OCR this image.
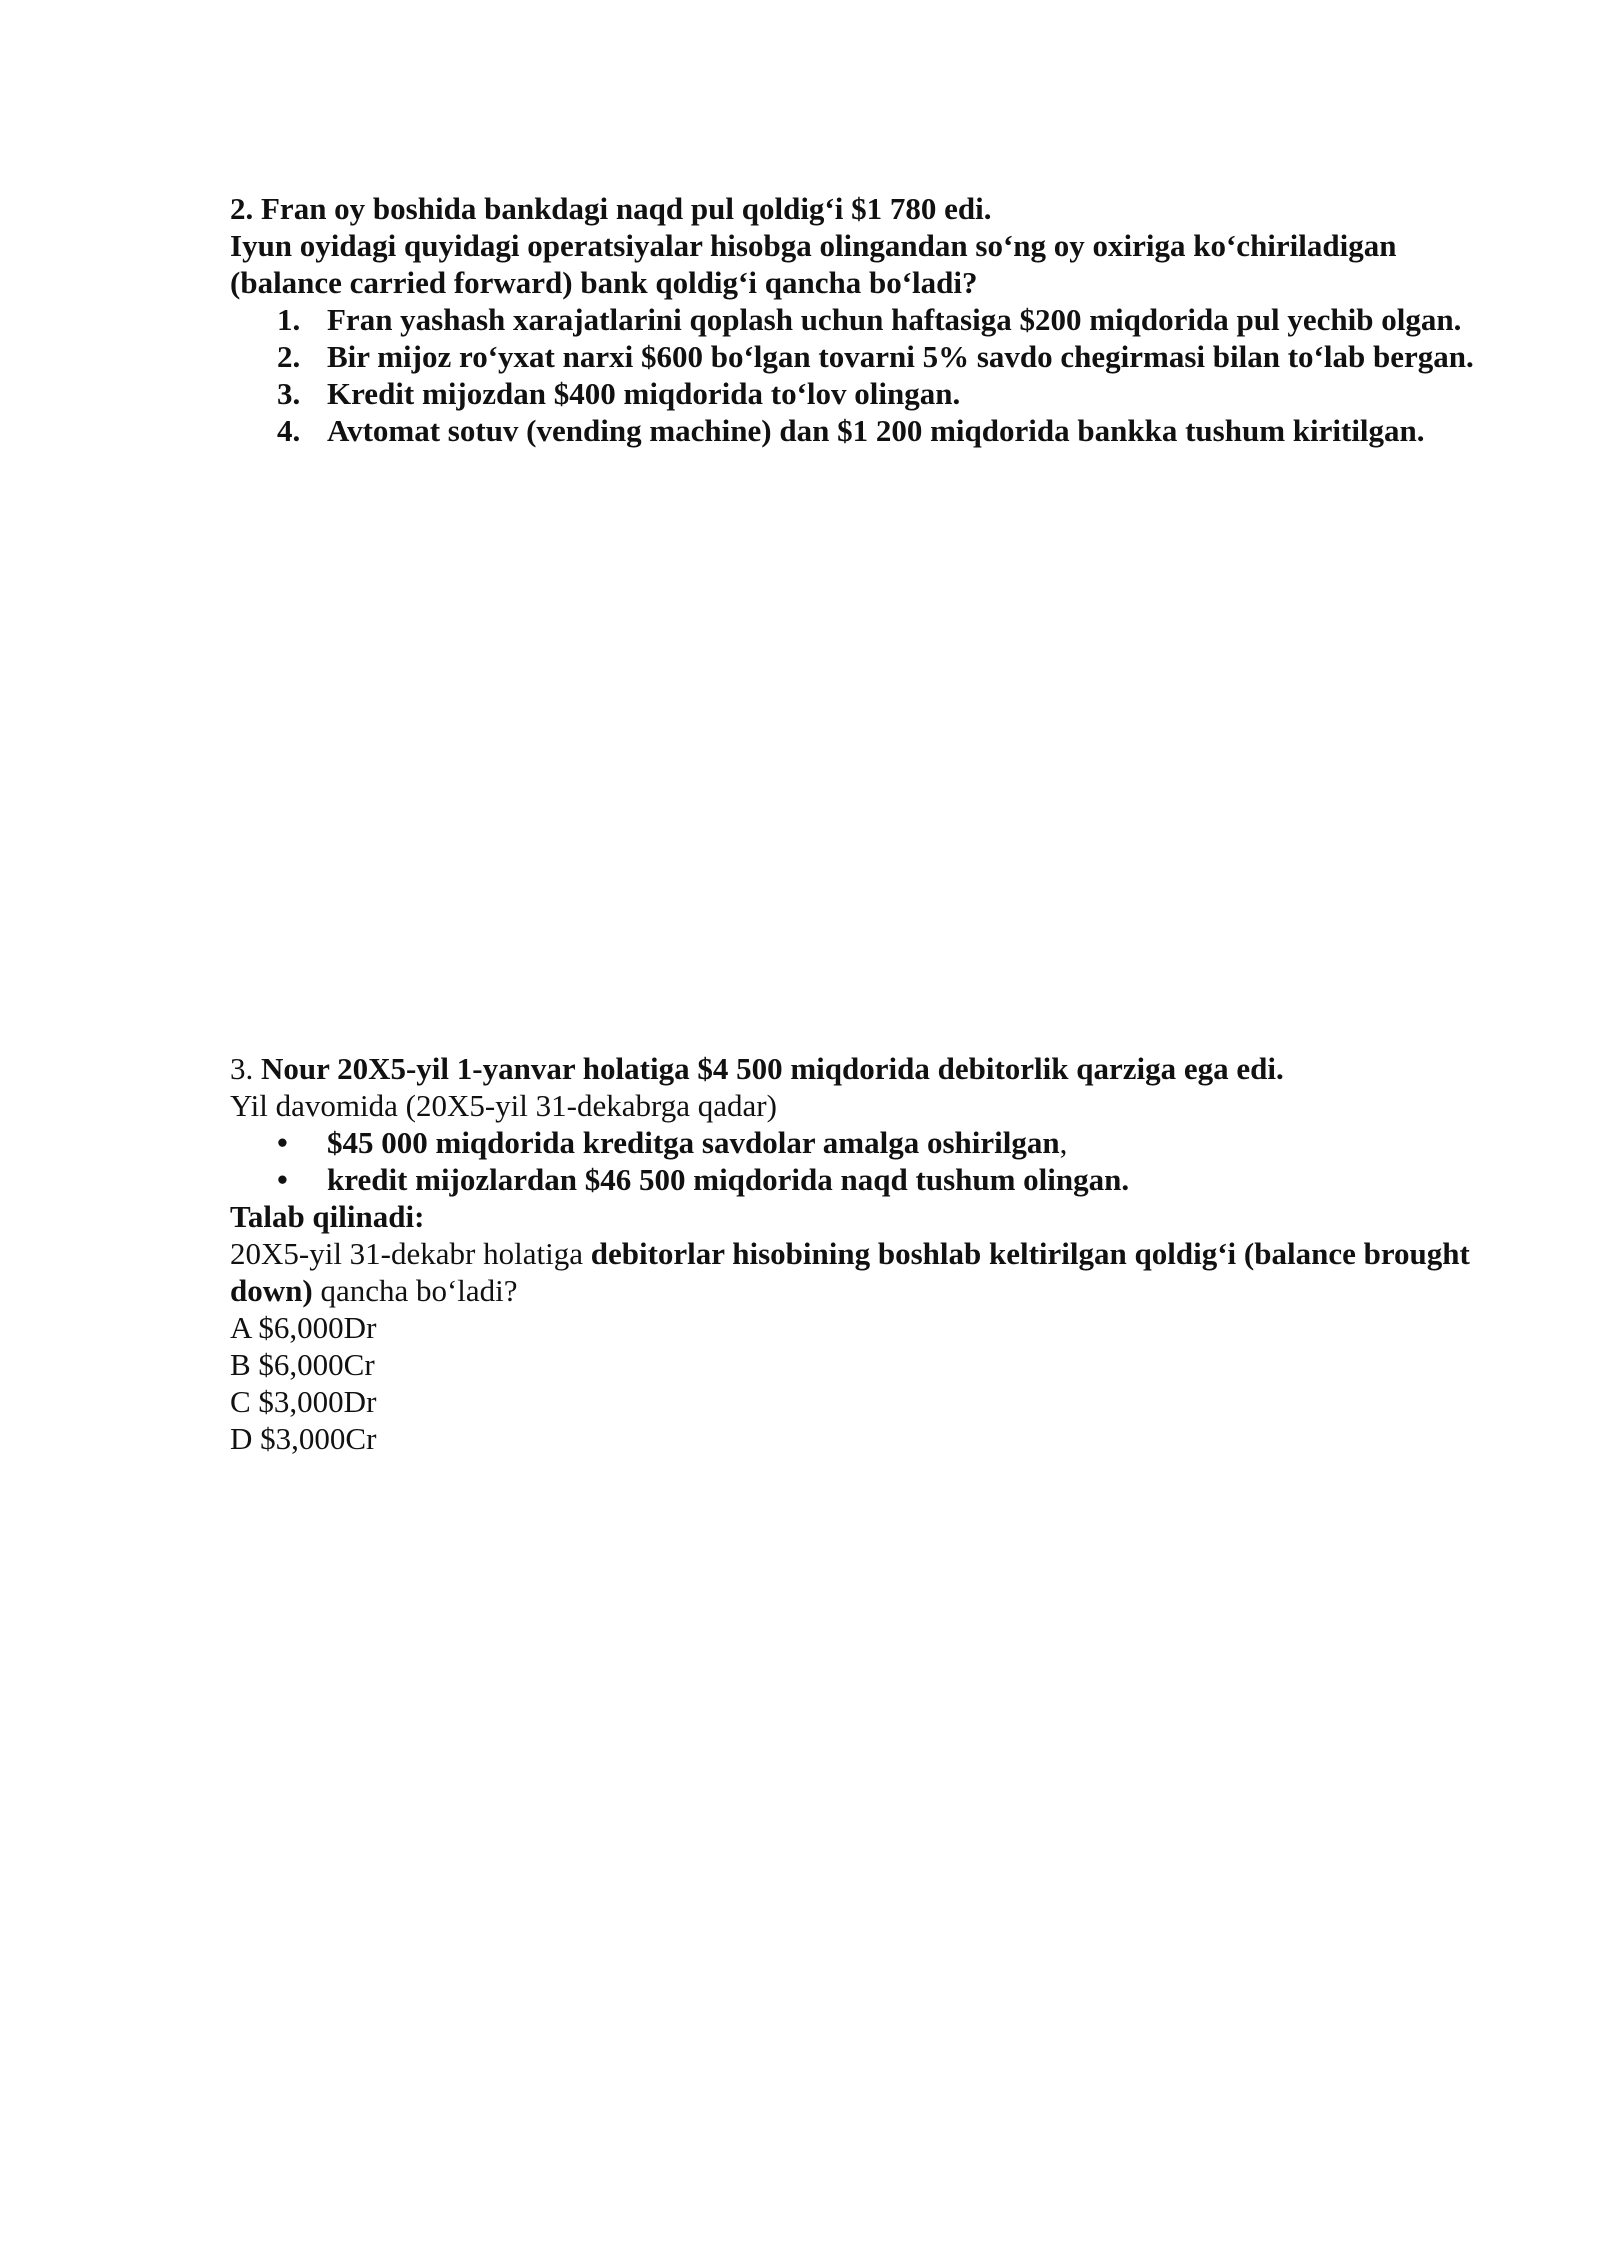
2. Fran oy boshida bankdagi naqd pul qoldig‘i $1 780 edi.

Iyun oyidagi quyidagi operatsiyalar hisobga olingandan so‘ng oy oxiriga ko‘chiriladigan (balance carried forward) bank qoldig‘i qancha bo‘ladi?

1. Fran yashash xarajatlarini qoplash uchun haftasiga $200 miqdorida pul yechib olgan.
2. Bir mijoz ro‘yxat narxi $600 bo‘lgan tovarni 5% savdo chegirmasi bilan to‘lab bergan.
3. Kredit mijozdan $400 miqdorida to‘lov olingan.
4. Avtomat sotuv (vending machine) dan $1 200 miqdorida bankka tushum kiritilgan.

3. Nour 20X5-yil 1-yanvar holatiga $4 500 miqdorida debitorlik qarziga ega edi.

Yil davomida (20X5-yil 31-dekabrga qadar)

• $45 000 miqdorida kreditga savdolar amalga oshirilgan,
• kredit mijozlardan $46 500 miqdorida naqd tushum olingan.

Talab qilinadi:

20X5-yil 31-dekabr holatiga debitorlar hisobining boshlab keltirilgan qoldig‘i (balance brought down) qancha bo‘ladi?

A $6,000Dr

B $6,000Cr

C $3,000Dr

D $3,000Cr
